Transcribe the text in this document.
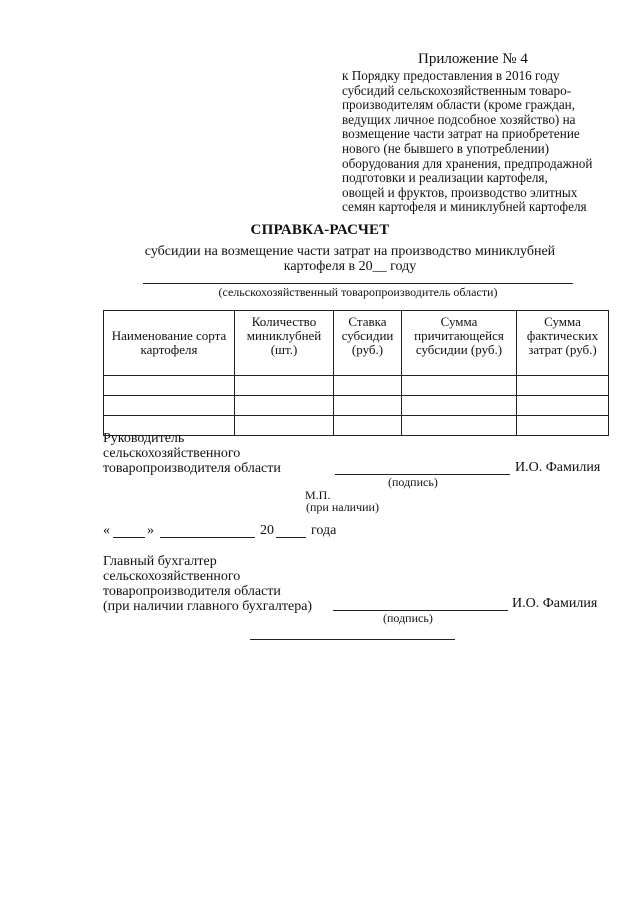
Приложение № 4
к Порядку предоставления в 2016 году
субсидий сельскохозяйственным товаро-
производителям области (кроме граждан,
ведущих личное подсобное хозяйство) на
возмещение части затрат на приобретение
нового (не бывшего в употреблении)
оборудования для хранения, предпродажной
подготовки и реализации картофеля,
овощей и фруктов, производство элитных
семян картофеля и миниклубней картофеля
СПРАВКА-РАСЧЕТ
субсидии на возмещение части затрат на производство миниклубней
картофеля в 20__ году
(сельскохозяйственный товаропроизводитель области)
Наименование сорта картофеля	Количество миниклубней (шт.)	Ставка субсидии (руб.)	Сумма причитающейся субсидии (руб.)	Сумма фактических затрат (руб.)

Руководитель
сельскохозяйственного
товаропроизводителя области
(подпись)
И.О. Фамилия
М.П.
(при наличии)
«	»	20	года
Главный бухгалтер
сельскохозяйственного
товаропроизводителя области
(при наличии главного бухгалтера)
(подпись)
И.О. Фамилия
